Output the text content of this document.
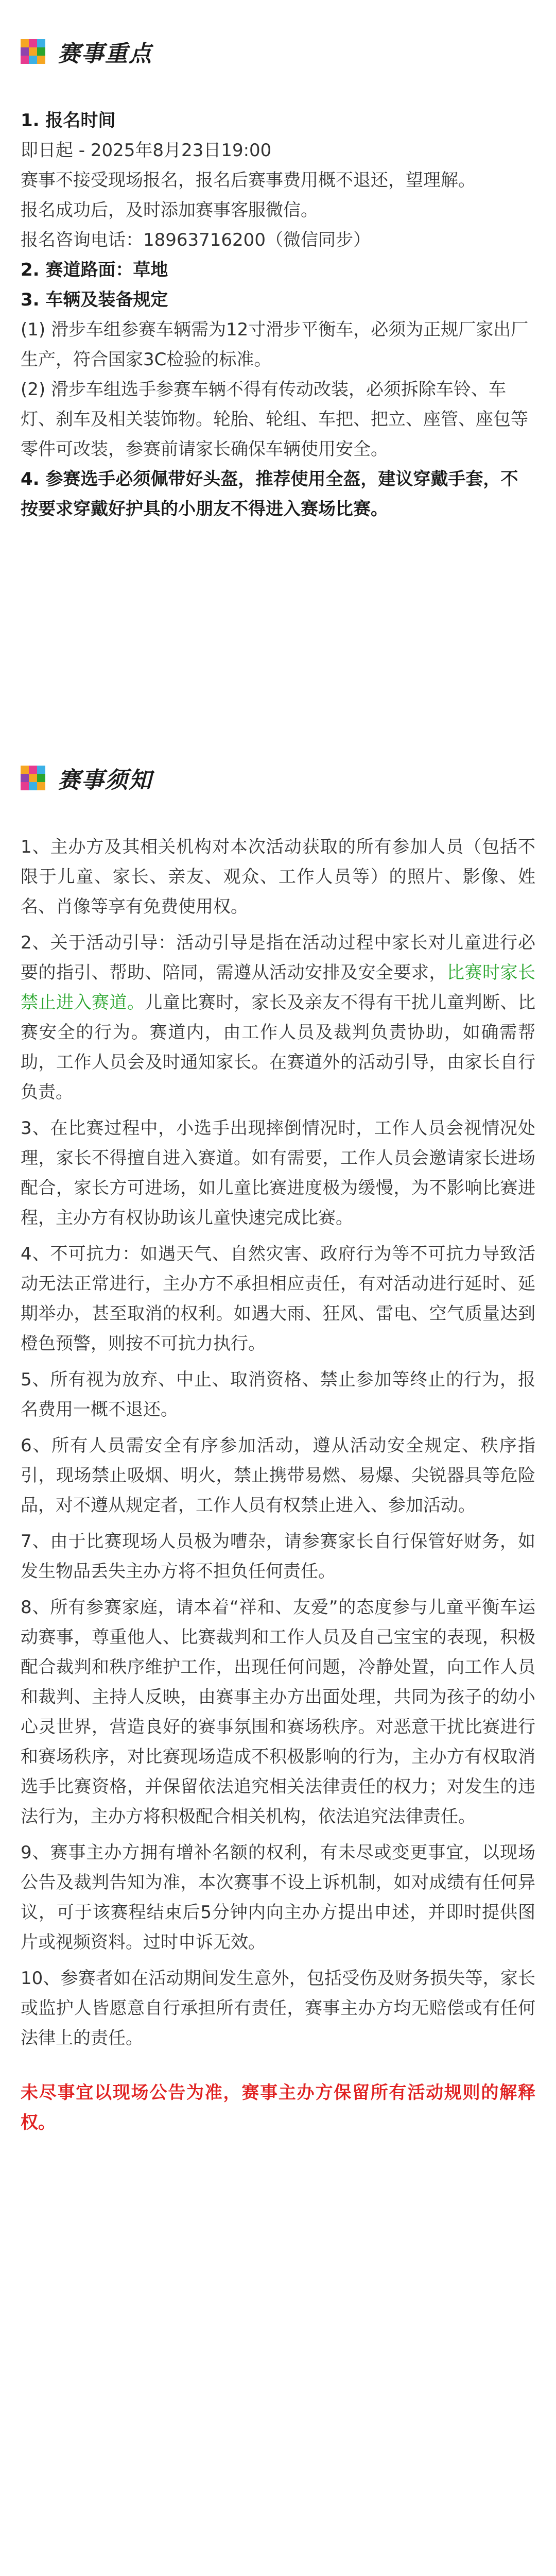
赛事重点

1. 报名时间

即日起 - 2025年8月23日19:00

赛事不接受现场报名，报名后赛事费用概不退还，望理解。

报名成功后，及时添加赛事客服微信。

报名咨询电话：18963716200（微信同步）

2. 赛道路面：草地

3. 车辆及装备规定

(1) 滑步车组参赛车辆需为12寸滑步平衡车，必须为正规厂家出厂生产，符合国家3C检验的标准。

(2) 滑步车组选手参赛车辆不得有传动改装，必须拆除车铃、车灯、刹车及相关装饰物。轮胎、轮组、车把、把立、座管、座包等零件可改装，参赛前请家长确保车辆使用安全。

4. 参赛选手必须佩带好头盔，推荐使用全盔，建议穿戴手套，不按要求穿戴好护具的小朋友不得进入赛场比赛。

赛事须知

1、主办方及其相关机构对本次活动获取的所有参加人员（包括不限于儿童、家长、亲友、观众、工作人员等）的照片、影像、姓名、肖像等享有免费使用权。

2、关于活动引导：活动引导是指在活动过程中家长对儿童进行必要的指引、帮助、陪同，需遵从活动安排及安全要求，比赛时家长禁止进入赛道。儿童比赛时，家长及亲友不得有干扰儿童判断、比赛安全的行为。赛道内，由工作人员及裁判负责协助，如确需帮助，工作人员会及时通知家长。在赛道外的活动引导，由家长自行负责。

3、在比赛过程中，小选手出现摔倒情况时，工作人员会视情况处理，家长不得擅自进入赛道。如有需要，工作人员会邀请家长进场配合，家长方可进场，如儿童比赛进度极为缓慢，为不影响比赛进程，主办方有权协助该儿童快速完成比赛。

4、不可抗力：如遇天气、自然灾害、政府行为等不可抗力导致活动无法正常进行，主办方不承担相应责任，有对活动进行延时、延期举办，甚至取消的权利。如遇大雨、狂风、雷电、空气质量达到橙色预警，则按不可抗力执行。

5、所有视为放弃、中止、取消资格、禁止参加等终止的行为，报名费用一概不退还。

6、所有人员需安全有序参加活动，遵从活动安全规定、秩序指引，现场禁止吸烟、明火，禁止携带易燃、易爆、尖锐器具等危险品，对不遵从规定者，工作人员有权禁止进入、参加活动。

7、由于比赛现场人员极为嘈杂，请参赛家长自行保管好财务，如发生物品丢失主办方将不担负任何责任。

8、所有参赛家庭，请本着“祥和、友爱”的态度参与儿童平衡车运动赛事，尊重他人、比赛裁判和工作人员及自己宝宝的表现，积极配合裁判和秩序维护工作，出现任何问题，冷静处置，向工作人员和裁判、主持人反映，由赛事主办方出面处理，共同为孩子的幼小心灵世界，营造良好的赛事氛围和赛场秩序。对恶意干扰比赛进行和赛场秩序，对比赛现场造成不积极影响的行为，主办方有权取消选手比赛资格，并保留依法追究相关法律责任的权力；对发生的违法行为，主办方将积极配合相关机构，依法追究法律责任。

9、赛事主办方拥有增补名额的权利，有未尽或变更事宜，以现场公告及裁判告知为准，本次赛事不设上诉机制，如对成绩有任何异议，可于该赛程结束后5分钟内向主办方提出申述，并即时提供图片或视频资料。过时申诉无效。

10、参赛者如在活动期间发生意外，包括受伤及财务损失等，家长或监护人皆愿意自行承担所有责任，赛事主办方均无赔偿或有任何法律上的责任。

未尽事宜以现场公告为准，赛事主办方保留所有活动规则的解释权。
